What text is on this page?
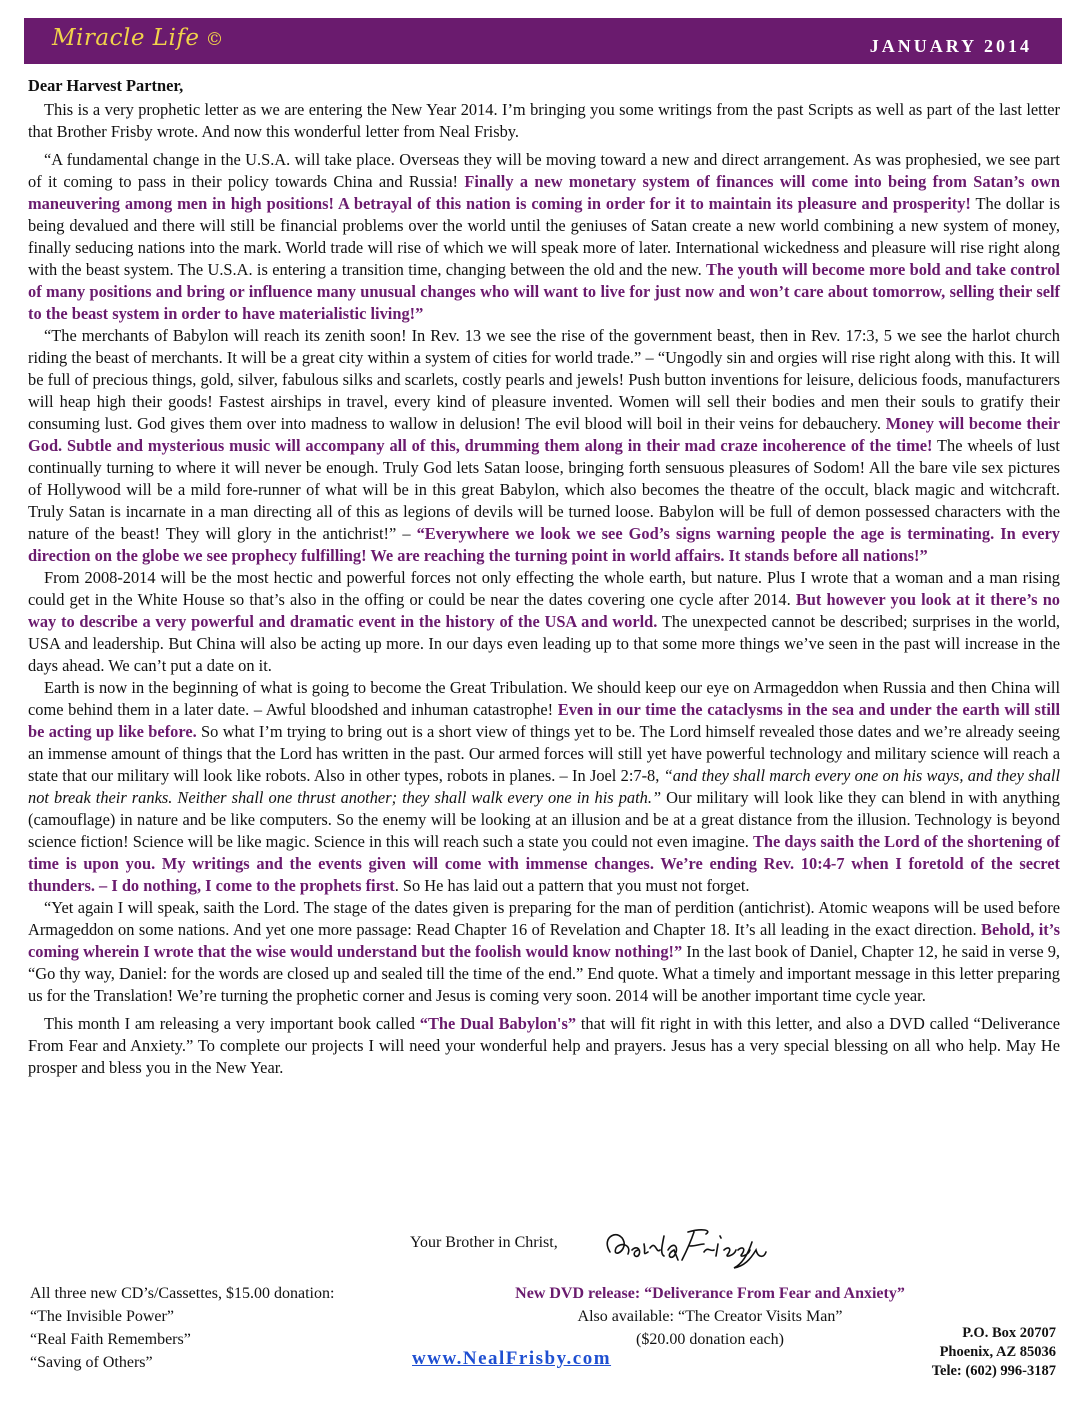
Miracle Life ©	JANUARY 2014

Dear Harvest Partner,

This is a very prophetic letter as we are entering the New Year 2014. I’m bringing you some writings from the past Scripts as well as part of the last letter that Brother Frisby wrote. And now this wonderful letter from Neal Frisby.

“A fundamental change in the U.S.A. will take place. Overseas they will be moving toward a new and direct arrangement. As was prophesied, we see part of it coming to pass in their policy towards China and Russia! Finally a new monetary system of finances will come into being from Satan’s own maneuvering among men in high positions! A betrayal of this nation is coming in order for it to maintain its pleasure and prosperity! The dollar is being devalued and there will still be financial problems over the world until the geniuses of Satan create a new world combining a new system of money, finally seducing nations into the mark. World trade will rise of which we will speak more of later. International wickedness and pleasure will rise right along with the beast system. The U.S.A. is entering a transition time, changing between the old and the new. The youth will become more bold and take control of many positions and bring or influence many unusual changes who will want to live for just now and won’t care about tomorrow, selling their self to the beast system in order to have materialistic living!”

“The merchants of Babylon will reach its zenith soon! In Rev. 13 we see the rise of the government beast, then in Rev. 17:3, 5 we see the harlot church riding the beast of merchants. It will be a great city within a system of cities for world trade.” – “Ungodly sin and orgies will rise right along with this. It will be full of precious things, gold, silver, fabulous silks and scarlets, costly pearls and jewels! Push button inventions for leisure, delicious foods, manufacturers will heap high their goods! Fastest airships in travel, every kind of pleasure invented. Women will sell their bodies and men their souls to gratify their consuming lust. God gives them over into madness to wallow in delusion! The evil blood will boil in their veins for debauchery. Money will become their God. Subtle and mysterious music will accompany all of this, drumming them along in their mad craze incoherence of the time! The wheels of lust continually turning to where it will never be enough. Truly God lets Satan loose, bringing forth sensuous pleasures of Sodom! All the bare vile sex pictures of Hollywood will be a mild fore-runner of what will be in this great Babylon, which also becomes the theatre of the occult, black magic and witchcraft. Truly Satan is incarnate in a man directing all of this as legions of devils will be turned loose. Babylon will be full of demon possessed characters with the nature of the beast! They will glory in the antichrist!” – “Everywhere we look we see God’s signs warning people the age is terminating. In every direction on the globe we see prophecy fulfilling! We are reaching the turning point in world affairs. It stands before all nations!”

From 2008-2014 will be the most hectic and powerful forces not only effecting the whole earth, but nature. Plus I wrote that a woman and a man rising could get in the White House so that’s also in the offing or could be near the dates covering one cycle after 2014. But however you look at it there’s no way to describe a very powerful and dramatic event in the history of the USA and world. The unexpected cannot be described; surprises in the world, USA and leadership. But China will also be acting up more. In our days even leading up to that some more things we’ve seen in the past will increase in the days ahead. We can’t put a date on it.

Earth is now in the beginning of what is going to become the Great Tribulation. We should keep our eye on Armageddon when Russia and then China will come behind them in a later date. – Awful bloodshed and inhuman catastrophe! Even in our time the cataclysms in the sea and under the earth will still be acting up like before. So what I’m trying to bring out is a short view of things yet to be. The Lord himself revealed those dates and we’re already seeing an immense amount of things that the Lord has written in the past. Our armed forces will still yet have powerful technology and military science will reach a state that our military will look like robots. Also in other types, robots in planes. – In Joel 2:7-8, “and they shall march every one on his ways, and they shall not break their ranks. Neither shall one thrust another; they shall walk every one in his path.” Our military will look like they can blend in with anything (camouflage) in nature and be like computers. So the enemy will be looking at an illusion and be at a great distance from the illusion. Technology is beyond science fiction! Science will be like magic. Science in this will reach such a state you could not even imagine. The days saith the Lord of the shortening of time is upon you. My writings and the events given will come with immense changes. We’re ending Rev. 10:4-7 when I foretold of the secret thunders. – I do nothing, I come to the prophets first. So He has laid out a pattern that you must not forget.

“Yet again I will speak, saith the Lord. The stage of the dates given is preparing for the man of perdition (antichrist). Atomic weapons will be used before Armageddon on some nations. And yet one more passage: Read Chapter 16 of Revelation and Chapter 18. It’s all leading in the exact direction. Behold, it’s coming wherein I wrote that the wise would understand but the foolish would know nothing!” In the last book of Daniel, Chapter 12, he said in verse 9, “Go thy way, Daniel: for the words are closed up and sealed till the time of the end.” End quote. What a timely and important message in this letter preparing us for the Translation! We’re turning the prophetic corner and Jesus is coming very soon. 2014 will be another important time cycle year.

This month I am releasing a very important book called “The Dual Babylon's” that will fit right in with this letter, and also a DVD called “Deliverance From Fear and Anxiety.” To complete our projects I will need your wonderful help and prayers. Jesus has a very special blessing on all who help. May He prosper and bless you in the New Year.

Your Brother in Christ,
All three new CD’s/Cassettes, $15.00 donation:
“The Invisible Power”
“Real Faith Remembers”
“Saving of Others”
New DVD release: “Deliverance From Fear and Anxiety”
Also available: “The Creator Visits Man”
($20.00 donation each)
www.NealFrisby.com
P.O. Box 20707
Phoenix, AZ 85036
Tele: (602) 996-3187
